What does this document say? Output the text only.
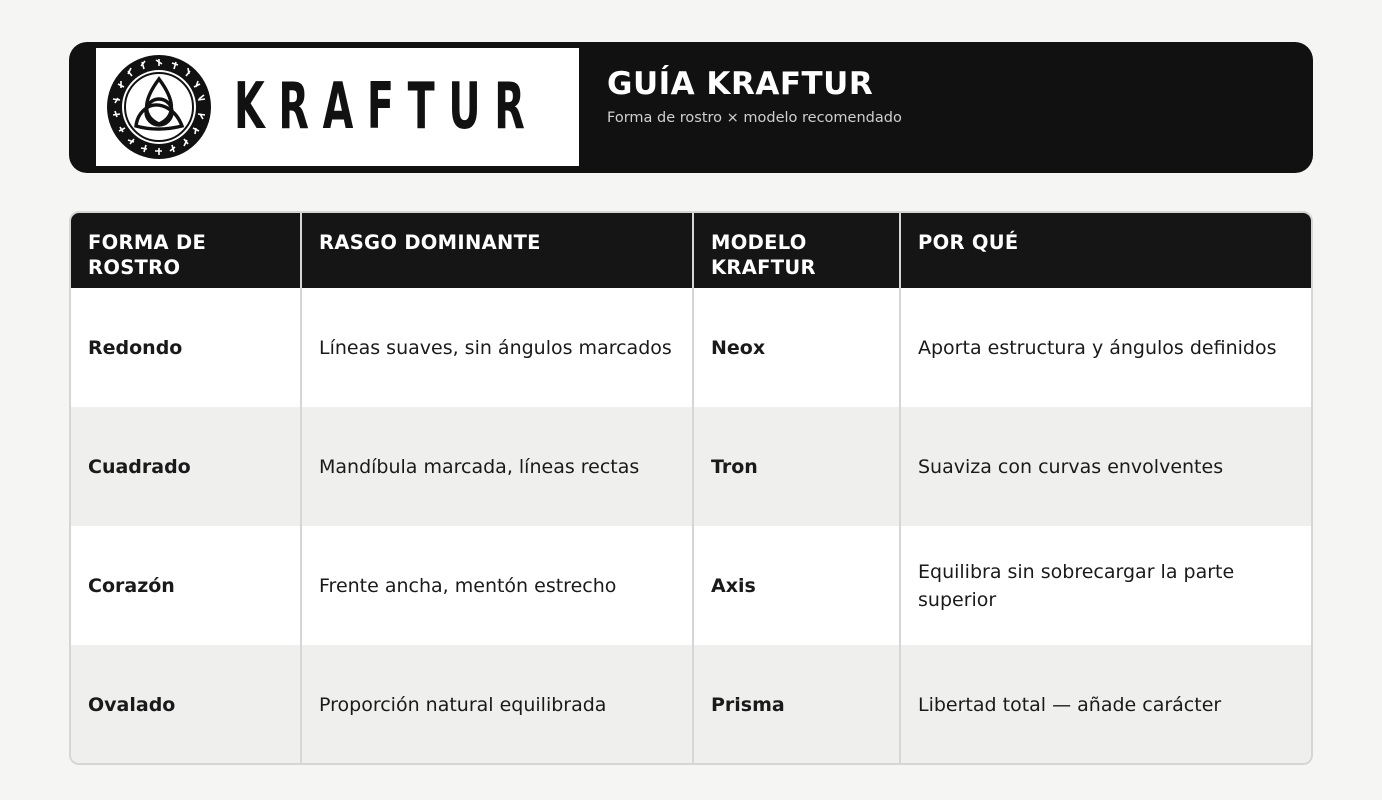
KRAFTUR GUÍA KRAFTUR
Forma de rostro × modelo recomendado
FORMA DE ROSTRO	RASGO DOMINANTE	MODELO KRAFTUR	POR QUÉ
Redondo	Líneas suaves, sin ángulos marcados	Neox	Aporta estructura y ángulos definidos
Cuadrado	Mandíbula marcada, líneas rectas	Tron	Suaviza con curvas envolventes
Corazón	Frente ancha, mentón estrecho	Axis	Equilibra sin sobrecargar la parte superior
Ovalado	Proporción natural equilibrada	Prisma	Libertad total — añade carácter
